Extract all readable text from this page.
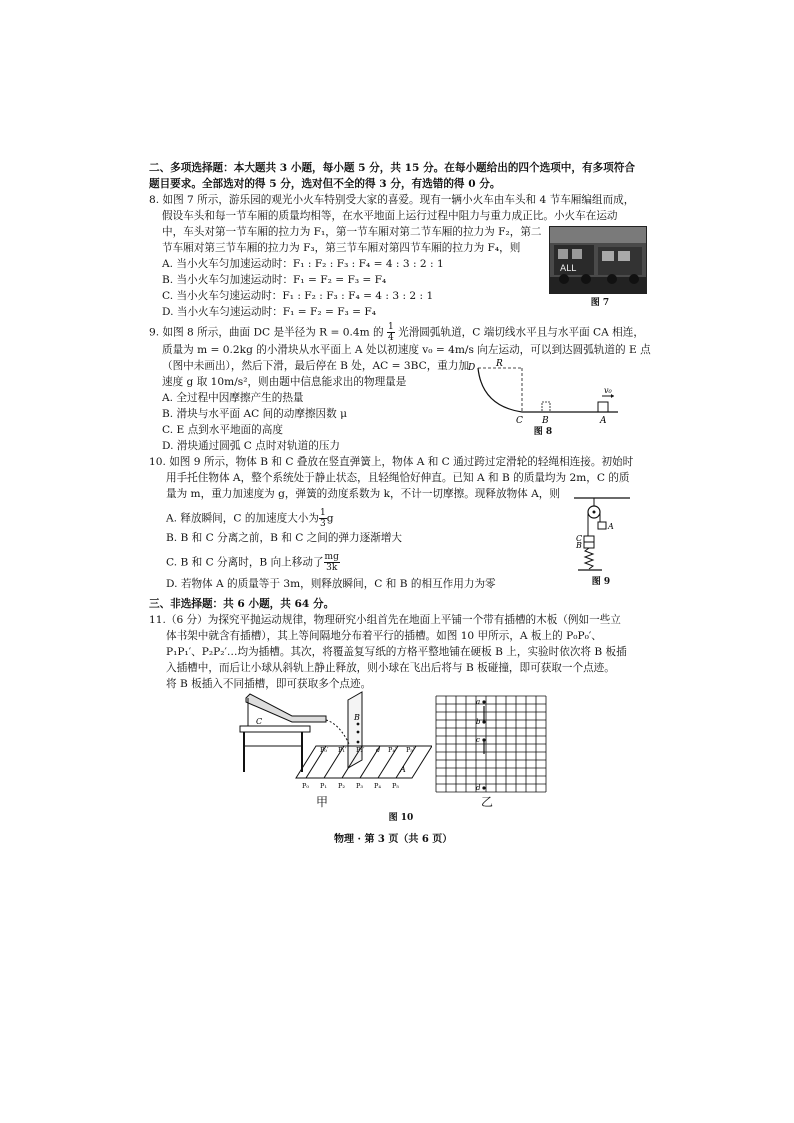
二、多项选择题：本大题共 3 小题，每小题 5 分，共 15 分。在每小题给出的四个选项中，有多项符合
题目要求。全部选对的得 5 分，选对但不全的得 3 分，有选错的得 0 分。
8. 如图 7 所示，游乐园的观光小火车特别受大家的喜爱。现有一辆小火车由车头和 4 节车厢编组而成，
假设车头和每一节车厢的质量均相等，在水平地面上运行过程中阻力与重力成正比。小火车在运动
中，车头对第一节车厢的拉力为 F₁，第一节车厢对第二节车厢的拉力为 F₂，第二
节车厢对第三节车厢的拉力为 F₃，第三节车厢对第四节车厢的拉力为 F₄，则
A. 当小火车匀加速运动时：F₁ : F₂ : F₃ : F₄ = 4 : 3 : 2 : 1
B. 当小火车匀加速运动时：F₁ = F₂ = F₃ = F₄
C. 当小火车匀速运动时：F₁ : F₂ : F₃ : F₄ = 4 : 3 : 2 : 1
D. 当小火车匀速运动时：F₁ = F₂ = F₃ = F₄
ALL
图 7
9. 如图 8 所示，曲面 DC 是半径为 R = 0.4m 的 $\frac{1}{4}$ 光滑圆弧轨道，C 端切线水平且与水平面 CA 相连，
质量为 m = 0.2kg 的小滑块从水平面上 A 处以初速度 v₀ = 4m/s 向左运动，可以到达圆弧轨道的 E 点
（图中未画出），然后下滑，最后停在 B 处，AC = 3BC，重力加
速度 g 取 10m/s²，则由题中信息能求出的物理量是
A. 全过程中因摩擦产生的热量
B. 滑块与水平面 AC 间的动摩擦因数 μ
C. E 点到水平地面的高度
D. 滑块通过圆弧 C 点时对轨道的压力
D R
C B	A
v₀
图 8
10. 如图 9 所示，物体 B 和 C 叠放在竖直弹簧上，物体 A 和 C 通过跨过定滑轮的轻绳相连接。初始时
用手托住物体 A，整个系统处于静止状态，且轻绳恰好伸直。已知 A 和 B 的质量均为 2m，C 的质
量为 m，重力加速度为 g，弹簧的劲度系数为 k，不计一切摩擦。现释放物体 A，则
A. 释放瞬间，C 的加速度大小为 $\frac{1}{3}$ g
B. B 和 C 分离之前，B 和 C 之间的弹力逐渐增大
C. B 和 C 分离时，B 向上移动了 $\frac{mg}{3k}$
D. 若物体 A 的质量等于 3m，则释放瞬间，C 和 B 的相互作用力为零
A
C
B
图 9
三、非选择题：共 6 小题，共 64 分。
11.（6 分）为探究平抛运动规律，物理研究小组首先在地面上平铺一个带有插槽的木板（例如一些立
体书架中就含有插槽），其上等间隔地分布着平行的插槽。如图 10 甲所示，A 板上的 P₀P₀′、
P₁P₁′、P₂P₂′…均为插槽。其次，将覆盖复写纸的方格平整地铺在硬板 B 上，实验时依次将 B 板插
入插槽中，而后让小球从斜轨上静止释放，则小球在飞出后将与 B 板碰撞，即可获取一个点迹。
将 B 板插入不同插槽，即可获取多个点迹。
C	B
A
P₀′ P₁′ P₂′ d P₄′ P₅′
P₀ P₁ P₂ P₃ P₄ P₅
甲
a
b
c
d
乙
图 10
物理 · 第 3 页（共 6 页）
